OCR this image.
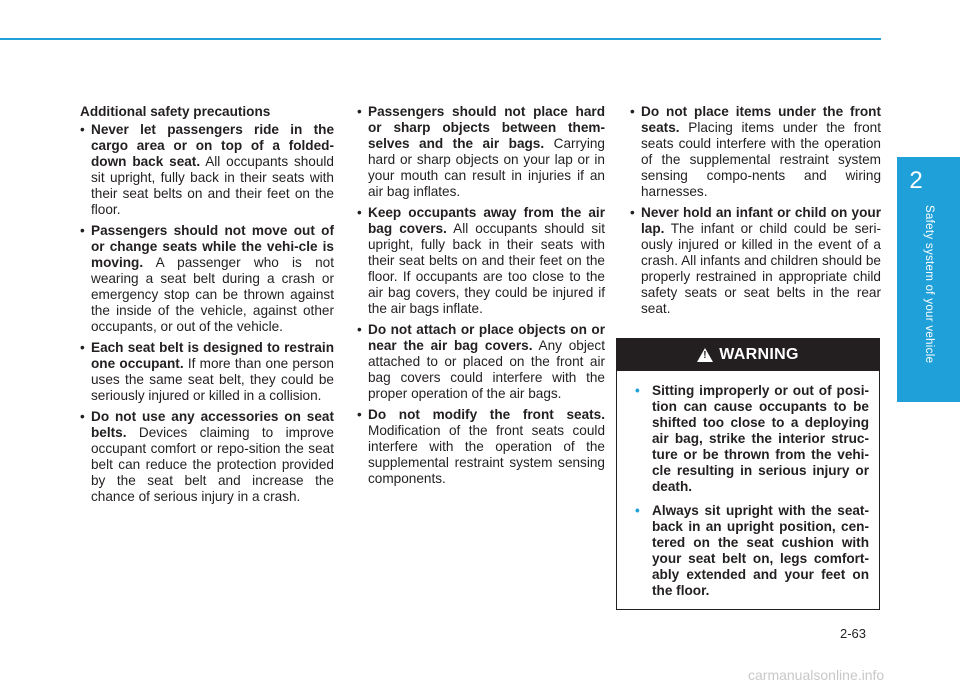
2
Safety system of your vehicle
Additional safety precautions
• Never let passengers ride in the cargo area or on top of a folded-down back seat. All occupants should sit upright, fully back in their seats with their seat belts on and their feet on the floor.
• Passengers should not move out of or change seats while the vehi-cle is moving. A passenger who is not wearing a seat belt during a crash or emergency stop can be thrown against the inside of the vehicle, against other occupants, or out of the vehicle.
• Each seat belt is designed to restrain one occupant. If more than one person uses the same seat belt, they could be seriously injured or killed in a collision.
• Do not use any accessories on seat belts. Devices claiming to improve occupant comfort or repo-sition the seat belt can reduce the protection provided by the seat belt and increase the chance of serious injury in a crash.
• Passengers should not place hard or sharp objects between them-selves and the air bags. Carrying hard or sharp objects on your lap or in your mouth can result in injuries if an air bag inflates.
• Keep occupants away from the air bag covers. All occupants should sit upright, fully back in their seats with their seat belts on and their feet on the floor. If occupants are too close to the air bag covers, they could be injured if the air bags inflate.
• Do not attach or place objects on or near the air bag covers. Any object attached to or placed on the front air bag covers could interfere with the proper operation of the air bags.
• Do not modify the front seats. Modification of the front seats could interfere with the operation of the supplemental restraint system sensing components.
• Do not place items under the front seats. Placing items under the front seats could interfere with the operation of the supplemental restraint system sensing compo-nents and wiring harnesses.
• Never hold an infant or child on your lap. The infant or child could be seri-ously injured or killed in the event of a crash. All infants and children should be properly restrained in appropriate child safety seats or seat belts in the rear seat.
! WARNING
• Sitting improperly or out of posi-tion can cause occupants to be shifted too close to a deploying air bag, strike the interior struc-ture or be thrown from the vehi-cle resulting in serious injury or death.
• Always sit upright with the seat-back in an upright position, cen-tered on the seat cushion with your seat belt on, legs comfort-ably extended and your feet on the floor.
2-63
carmanualsonline.info
